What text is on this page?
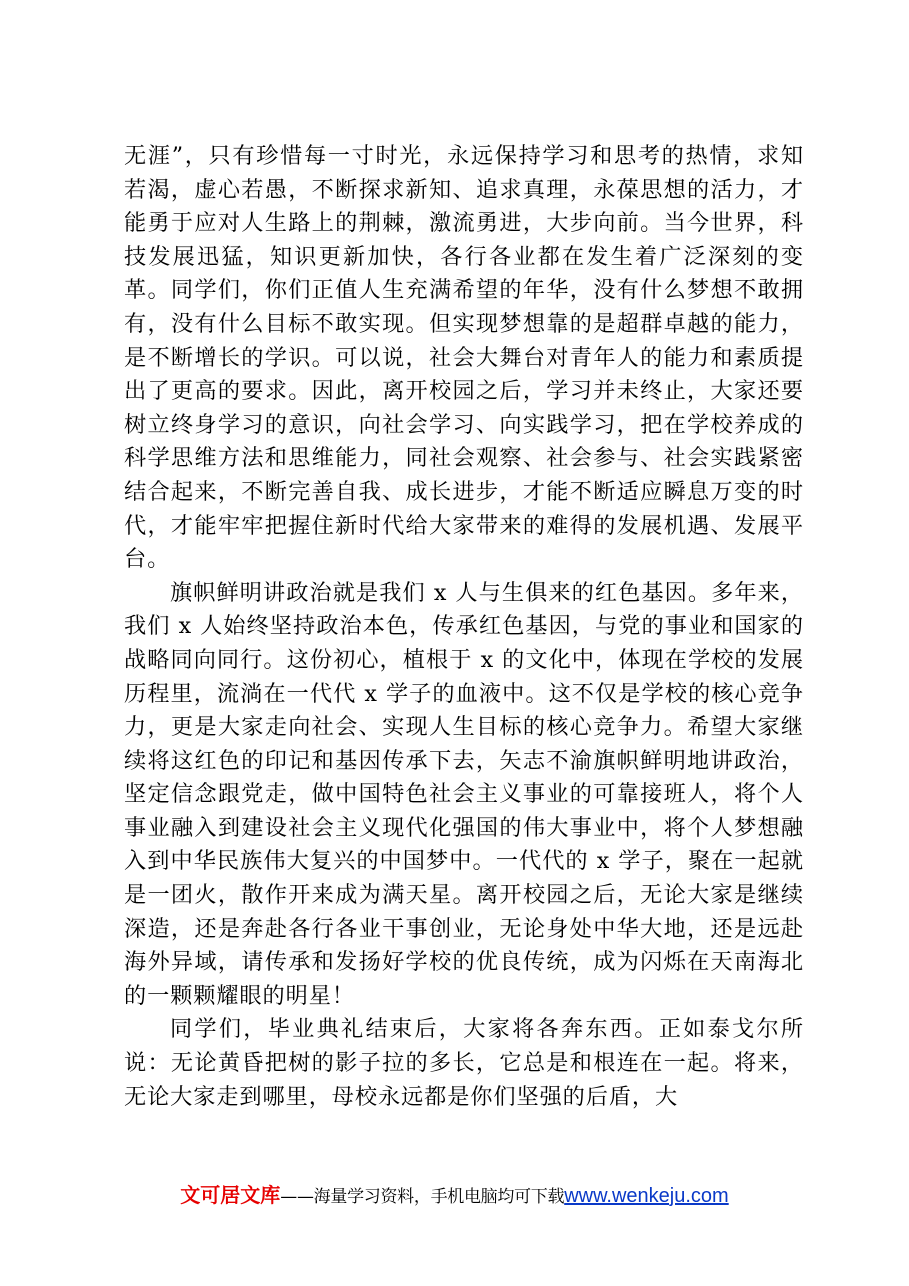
无涯”，只有珍惜每一寸时光，永远保持学习和思考的热情，求知若渴，虚心若愚，不断探求新知、追求真理，永葆思想的活力，才能勇于应对人生路上的荆棘，激流勇进，大步向前。当今世界，科技发展迅猛，知识更新加快，各行各业都在发生着广泛深刻的变革。同学们，你们正值人生充满希望的年华，没有什么梦想不敢拥有，没有什么目标不敢实现。但实现梦想靠的是超群卓越的能力，是不断增长的学识。可以说，社会大舞台对青年人的能力和素质提出了更高的要求。因此，离开校园之后，学习并未终止，大家还要树立终身学习的意识，向社会学习、向实践学习，把在学校养成的科学思维方法和思维能力，同社会观察、社会参与、社会实践紧密结合起来，不断完善自我、成长进步，才能不断适应瞬息万变的时代，才能牢牢把握住新时代给大家带来的难得的发展机遇、发展平台。

旗帜鲜明讲政治就是我们 x 人与生俱来的红色基因。多年来，我们 x 人始终坚持政治本色，传承红色基因，与党的事业和国家的战略同向同行。这份初心，植根于 x 的文化中，体现在学校的发展历程里，流淌在一代代 x 学子的血液中。这不仅是学校的核心竞争力，更是大家走向社会、实现人生目标的核心竞争力。希望大家继续将这红色的印记和基因传承下去，矢志不渝旗帜鲜明地讲政治，坚定信念跟党走，做中国特色社会主义事业的可靠接班人，将个人事业融入到建设社会主义现代化强国的伟大事业中，将个人梦想融入到中华民族伟大复兴的中国梦中。一代代的 x 学子，聚在一起就是一团火，散作开来成为满天星。离开校园之后，无论大家是继续深造，还是奔赴各行各业干事创业，无论身处中华大地，还是远赴海外异域，请传承和发扬好学校的优良传统，成为闪烁在天南海北的一颗颗耀眼的明星！

同学们，毕业典礼结束后，大家将各奔东西。正如泰戈尔所说：无论黄昏把树的影子拉的多长，它总是和根连在一起。将来，无论大家走到哪里，母校永远都是你们坚强的后盾，大

文可居文库——海量学习资料，手机电脑均可下载www.wenkeju.com
